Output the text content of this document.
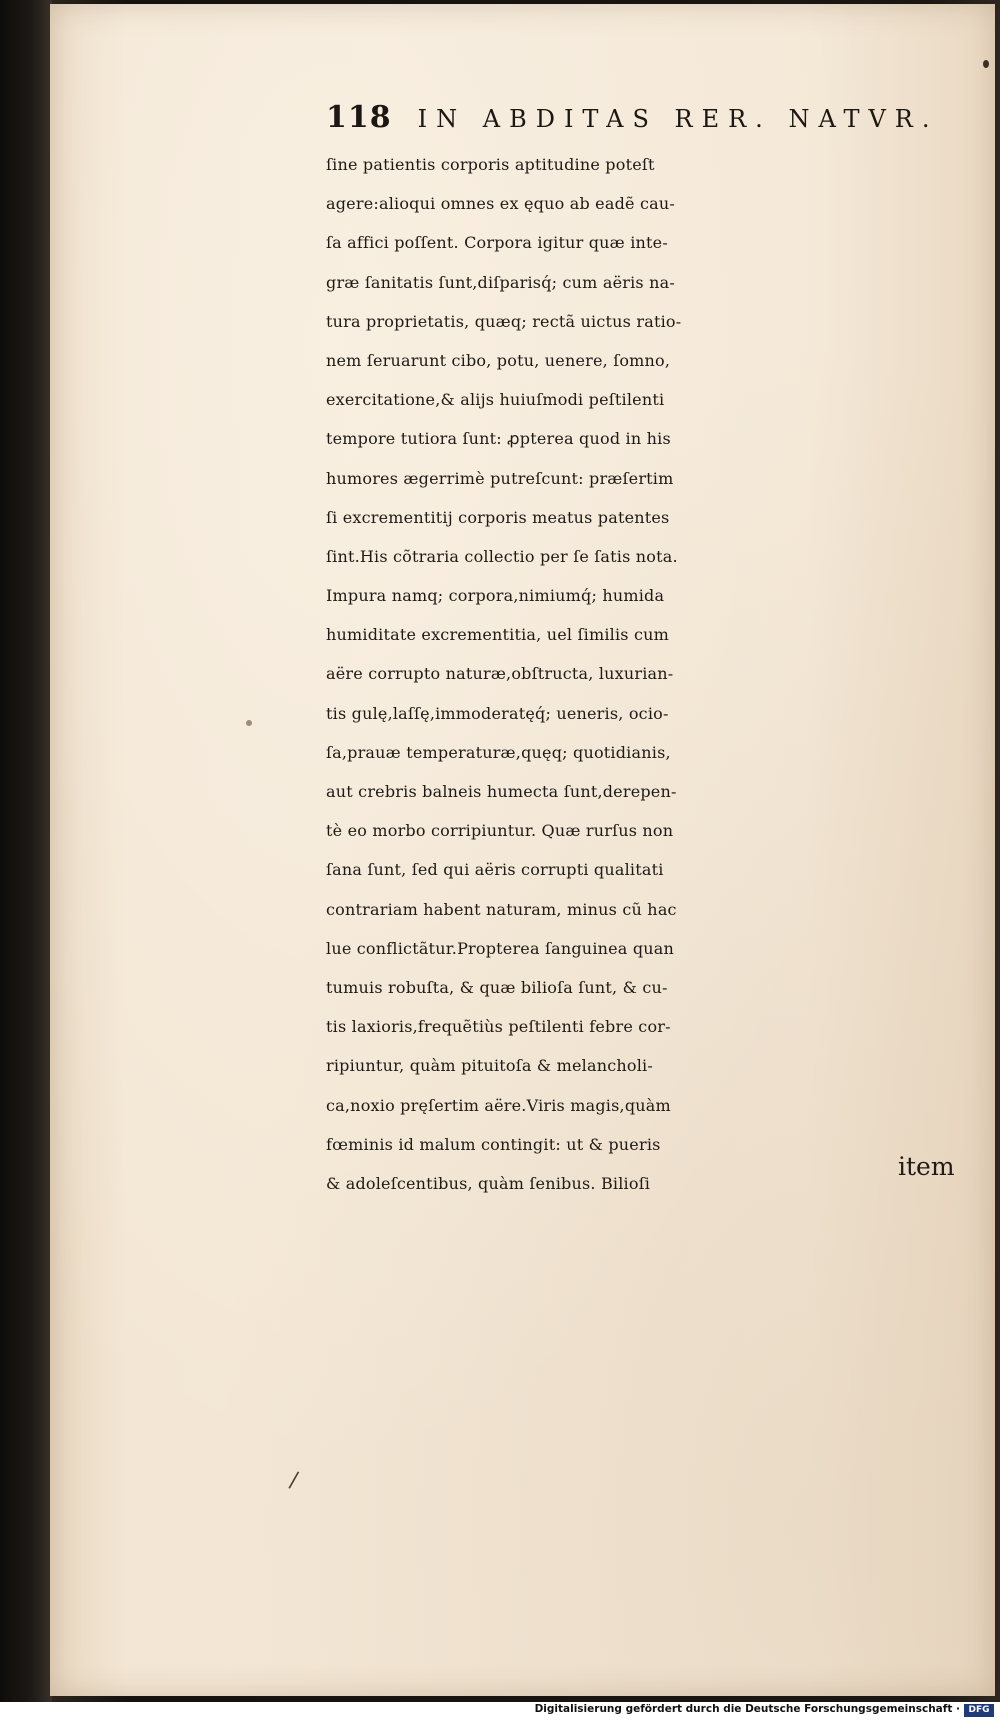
118 IN ABDITAS RER. NATVR.
ſine patientis corporis aptitudine poteſt
agere:alioqui omnes ex ęquo ab eadẽ cau-
ſa affici poſſent. Corpora igitur quæ inte-
græ ſanitatis ſunt,diſparisq́; cum aëris na-
tura proprietatis, quæq; rectã uictus ratio-
nem ſeruarunt cibo, potu, uenere, ſomno,
exercitatione,& alijs huiuſmodi peſtilenti
tempore tutiora ſunt: ꝓpterea quod in his
humores ægerrimè putreſcunt: præſertim
ſi excrementitij corporis meatus patentes
ſint.His cõtraria collectio per ſe ſatis nota.
Impura namq; corpora,nimiumq́; humida
humiditate excrementitia, uel ſimilis cum
aëre corrupto naturæ,obſtructa, luxurian-
tis gulę,laſſę,immoderatęq́; ueneris, ocio-
ſa,prauæ temperaturæ,quęq; quotidianis,
aut crebris balneis humecta ſunt,derepen-
tè eo morbo corripiuntur. Quæ rurſus non
ſana ſunt, ſed qui aëris corrupti qualitati
contrariam habent naturam, minus cũ hac
lue conflictãtur.Propterea ſanguinea quan
tumuis robuſta, & quæ bilioſa ſunt, & cu-
tis laxioris,frequẽtiùs peſtilenti febre cor-
ripiuntur, quàm pituitoſa & melancholi-
ca,noxio pręſertim aëre.Viris magis,quàm
fœminis id malum contingit: ut & pueris
& adoleſcentibus, quàm ſenibus. Bilioſi
item
/
Digitalisierung gefördert durch die Deutsche Forschungsgemeinschaft · DFG
